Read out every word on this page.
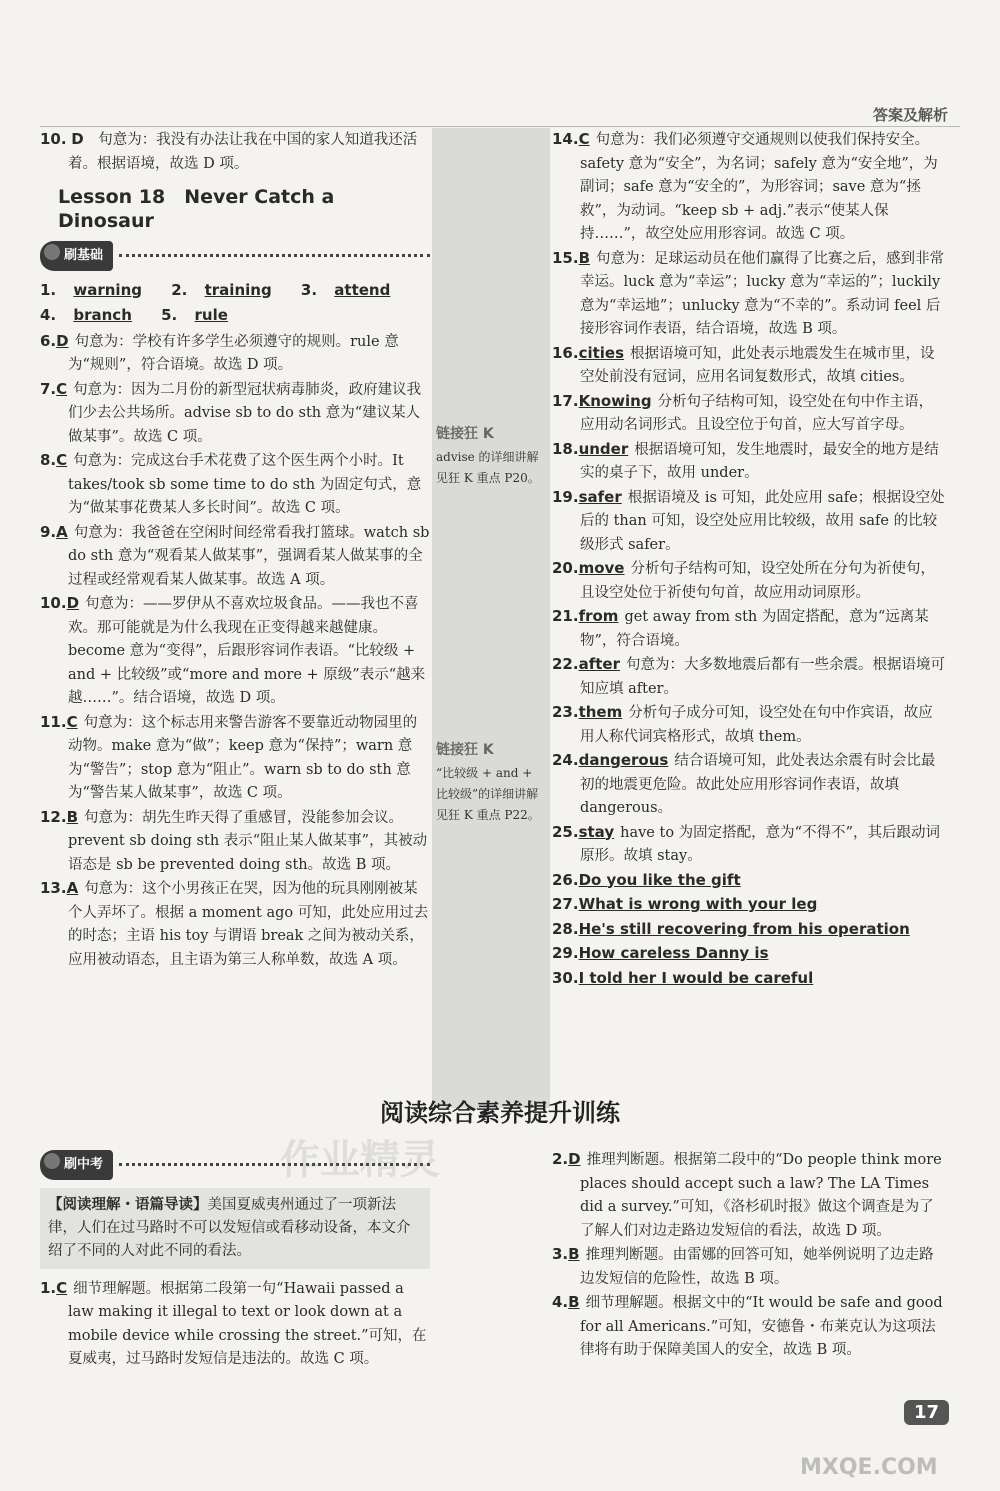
答案及解析

10. D 句意为：我没有办法让我在中国的家人知道我还活着。根据语境，故选 D 项。

Lesson 18　Never Catch a Dinosaur
刷基础
1. warning 2. training 3. attend
4. branch 5. rule

6.D 句意为：学校有许多学生必须遵守的规则。rule 意为“规则”，符合语境。故选 D 项。

7.C 句意为：因为二月份的新型冠状病毒肺炎，政府建议我们少去公共场所。advise sb to do sth 意为“建议某人做某事”。故选 C 项。

8.C 句意为：完成这台手术花费了这个医生两个小时。It takes/took sb some time to do sth 为固定句式，意为“做某事花费某人多长时间”。故选 C 项。

9.A 句意为：我爸爸在空闲时间经常看我打篮球。watch sb do sth 意为“观看某人做某事”，强调看某人做某事的全过程或经常观看某人做某事。故选 A 项。

10.D 句意为：——罗伊从不喜欢垃圾食品。——我也不喜欢。那可能就是为什么我现在正变得越来越健康。become 意为“变得”，后跟形容词作表语。“比较级 + and + 比较级”或“more and more + 原级”表示“越来越……”。结合语境，故选 D 项。

11.C 句意为：这个标志用来警告游客不要靠近动物园里的动物。make 意为“做”；keep 意为“保持”；warn 意为“警告”；stop 意为“阻止”。warn sb to do sth 意为“警告某人做某事”，故选 C 项。

12.B 句意为：胡先生昨天得了重感冒，没能参加会议。prevent sb doing sth 表示“阻止某人做某事”，其被动语态是 sb be prevented doing sth。故选 B 项。

13.A 句意为：这个小男孩正在哭，因为他的玩具刚刚被某个人弄坏了。根据 a moment ago 可知，此处应用过去的时态；主语 his toy 与谓语 break 之间为被动关系，应用被动语态，且主语为第三人称单数，故选 A 项。

链接狂 K
advise 的详细讲解见狂 K 重点 P20。
链接狂 K
“比较级 + and + 比较级”的详细讲解见狂 K 重点 P22。

14.C 句意为：我们必须遵守交通规则以使我们保持安全。safety 意为“安全”，为名词；safely 意为“安全地”，为副词；safe 意为“安全的”，为形容词；save 意为“拯救”，为动词。“keep sb + adj.”表示“使某人保持……”，故空处应用形容词。故选 C 项。

15.B 句意为：足球运动员在他们赢得了比赛之后，感到非常幸运。luck 意为“幸运”；lucky 意为“幸运的”；luckily 意为“幸运地”；unlucky 意为“不幸的”。系动词 feel 后接形容词作表语，结合语境，故选 B 项。

16.cities 根据语境可知，此处表示地震发生在城市里，设空处前没有冠词，应用名词复数形式，故填 cities。

17.Knowing 分析句子结构可知，设空处在句中作主语，应用动名词形式。且设空位于句首，应大写首字母。

18.under 根据语境可知，发生地震时，最安全的地方是结实的桌子下，故用 under。

19.safer 根据语境及 is 可知，此处应用 safe；根据设空处后的 than 可知，设空处应用比较级，故用 safe 的比较级形式 safer。

20.move 分析句子结构可知，设空处所在分句为祈使句，且设空处位于祈使句句首，故应用动词原形。

21.from get away from sth 为固定搭配，意为“远离某物”，符合语境。

22.after 句意为：大多数地震后都有一些余震。根据语境可知应填 after。

23.them 分析句子成分可知，设空处在句中作宾语，故应用人称代词宾格形式，故填 them。

24.dangerous 结合语境可知，此处表达余震有时会比最初的地震更危险。故此处应用形容词作表语，故填 dangerous。

25.stay have to 为固定搭配，意为“不得不”，其后跟动词原形。故填 stay。

26.Do you like the gift

27.What is wrong with your leg

28.He's still recovering from his operation

29.How careless Danny is

30.I told her I would be careful

阅读综合素养提升训练
刷中考
【阅读理解・语篇导读】美国夏威夷州通过了一项新法律，人们在过马路时不可以发短信或看移动设备，本文介绍了不同的人对此不同的看法。

1.C 细节理解题。根据第二段第一句“Hawaii passed a law making it illegal to text or look down at a mobile device while crossing the street.”可知，在夏威夷，过马路时发短信是违法的。故选 C 项。

2.D 推理判断题。根据第二段中的“Do people think more places should accept such a law? The LA Times did a survey.”可知，《洛杉矶时报》做这个调查是为了了解人们对边走路边发短信的看法，故选 D 项。

3.B 推理判断题。由雷娜的回答可知，她举例说明了边走路边发短信的危险性，故选 B 项。

4.B 细节理解题。根据文中的“It would be safe and good for all Americans.”可知，安德鲁・布莱克认为这项法律将有助于保障美国人的安全，故选 B 项。

17
作业精灵
MXQE.COM
